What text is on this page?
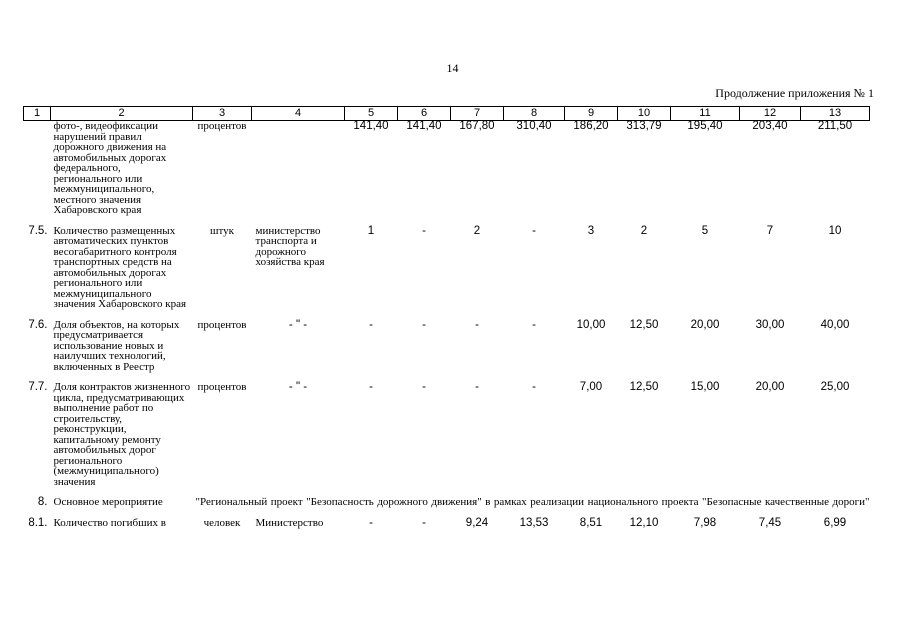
14
Продолжение приложения № 1
1	2	3	4	5	6	7	8	9	10	11	12	13
	фото-, видеофиксации нарушений правил дорожного движения на автомобильных дорогах федерального, регионального или межмуниципального, местного значения Хабаровского края	процентов		141,40	141,40	167,80	310,40	186,20	313,79	195,40	203,40	211,50

7.5.	Количество размещенных автоматических пунктов весогабаритного контроля транспортных средств на автомобильных дорогах регионального или межмуниципального значения Хабаровского края	штук	министерство
транспорта и
дорожного
хозяйства края	1	-	2	-	3	2	5	7	10

7.6.	Доля объектов, на которых предусматривается использование новых и наилучших технологий, включенных в Реестр	процентов	- " -	-	-	-	-	10,00	12,50	20,00	30,00	40,00

7.7.	Доля контрактов жизненного цикла, предусматривающих выполнение работ по строительству, реконструкции, капитальному ремонту автомобильных дорог регионального (межмуниципального) значения	процентов	- " -	-	-	-	-	7,00	12,50	15,00	20,00	25,00

8.	Основное мероприятие	"Региональный проект "Безопасность дорожного движения" в рамках реализации национального проекта "Безопасные качественные дороги"										

8.1.	Количество погибших в	человек	Министерство	-	-	9,24	13,53	8,51	12,10	7,98	7,45	6,99
